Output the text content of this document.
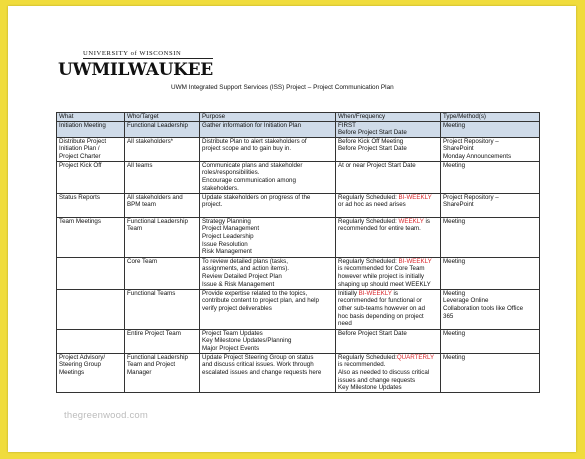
UNIVERSITY of WISCONSIN
UWMILWAUKEE
UWM Integrated Support Services (ISS) Project – Project Communication Plan
What	Who/Target	Purpose	When/Frequency	Type/Method(s)
Initiation Meeting	Functional Leadership	Gather information for Initiation Plan	FIRST
Before Project Start Date	Meeting

Distribute Project
Initiation Plan /
Project Charter	All stakeholders*	Distribute Plan to alert stakeholders of
project scope and to gain buy in.	Before Kick Off Meeting
Before Project Start Date	Project Repository –
SharePoint
Monday Announcements

Project Kick Off	All teams	Communicate plans and stakeholder
roles/responsibilities.
Encourage communication among
stakeholders.	At or near Project Start Date	Meeting

Status Reports	All stakeholders and
BPM team	Update stakeholders on progress of the
project.	Regularly Scheduled: BI-WEEKLY
or ad hoc as need arises	Project Repository –
SharePoint

Team Meetings	Functional Leadership
Team	Strategy Planning
Project Management
Project Leadership
Issue Resolution
Risk Management	Regularly Scheduled: WEEKLY is
recommended for entire team.	Meeting

	Core Team	To review detailed plans (tasks,
assignments, and action items).
Review Detailed Project Plan
Issue & Risk Management	Regularly Scheduled: BI-WEEKLY
is recommended for Core Team
however while project is initially
shaping up should meet WEEKLY	Meeting

	Functional Teams	Provide expertise related to the topics,
contribute content to project plan, and help
verify project deliverables	Initially BI-WEEKLY is
recommended for functional or
other sub-teams however on ad
hoc basis depending on project need	Meeting
Leverage Online
Collaboration tools like Office
365

	Entire Project Team	Project Team Updates
Key Milestone Updates/Planning
Major Project Events	Before Project Start Date	Meeting

Project Advisory/
Steering Group
Meetings	Functional Leadership
Team and Project
Manager	Update Project Steering Group on status
and discuss critical issues. Work through
escalated issues and change requests here	Regularly Scheduled:QUARTERLY
is recommended.
Also as needed to discuss critical
issues and change requests
Key Milestone Updates	Meeting
thegreenwood.com
